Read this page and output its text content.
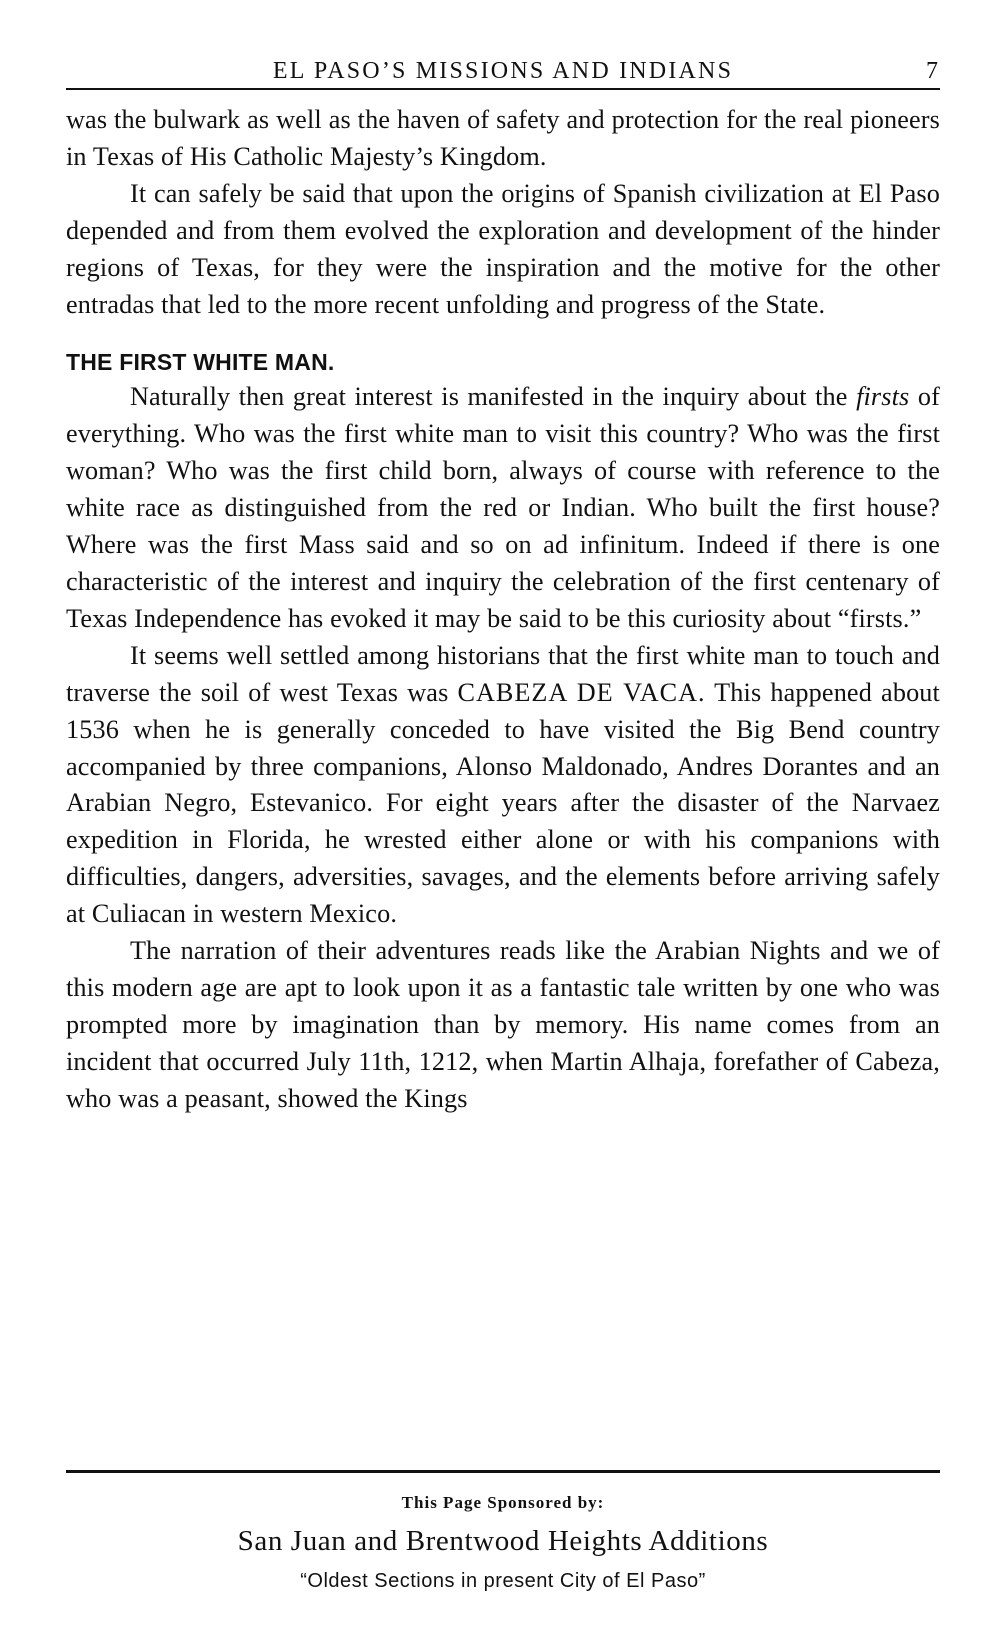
EL PASO’S MISSIONS AND INDIANS	7

was the bulwark as well as the haven of safety and protection for the real pioneers in Texas of His Catholic Majesty’s Kingdom.

It can safely be said that upon the origins of Spanish civilization at El Paso depended and from them evolved the exploration and development of the hinder regions of Texas, for they were the inspiration and the motive for the other entradas that led to the more recent unfolding and progress of the State.

THE FIRST WHITE MAN.

Naturally then great interest is manifested in the inquiry about the firsts of everything. Who was the first white man to visit this country? Who was the first woman? Who was the first child born, always of course with reference to the white race as distinguished from the red or Indian. Who built the first house? Where was the first Mass said and so on ad infinitum. Indeed if there is one characteristic of the interest and inquiry the celebration of the first centenary of Texas Independence has evoked it may be said to be this curiosity about “firsts.”

It seems well settled among historians that the first white man to touch and traverse the soil of west Texas was CABEZA DE VACA. This happened about 1536 when he is generally conceded to have visited the Big Bend country accompanied by three companions, Alonso Maldonado, Andres Dorantes and an Arabian Negro, Estevanico. For eight years after the disaster of the Narvaez expedition in Florida, he wrested either alone or with his companions with difficulties, dangers, adversities, savages, and the elements before arriving safely at Culiacan in western Mexico.

The narration of their adventures reads like the Arabian Nights and we of this modern age are apt to look upon it as a fantastic tale written by one who was prompted more by imagination than by memory. His name comes from an incident that occurred July 11th, 1212, when Martin Alhaja, forefather of Cabeza, who was a peasant, showed the Kings

This Page Sponsored by:
San Juan and Brentwood Heights Additions
“Oldest Sections in present City of El Paso”
